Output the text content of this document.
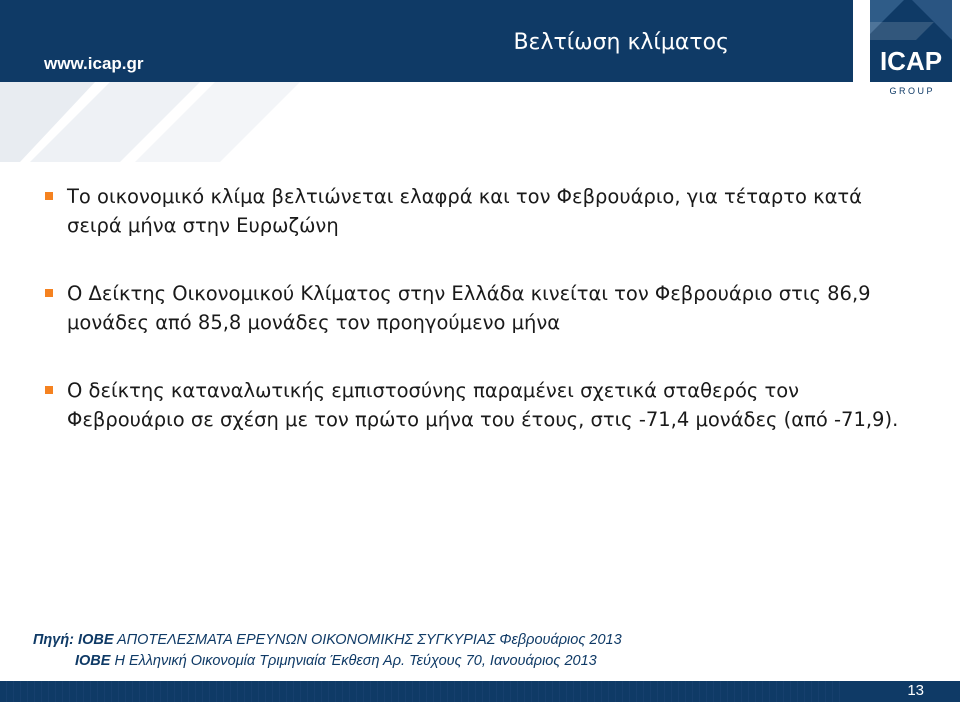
www.icap.gr
Βελτίωση κλίματος
ICAP
G R O U P
Το οικονομικό κλίμα βελτιώνεται ελαφρά και τον Φεβρουάριο, για τέταρτο κατά σειρά μήνα στην Ευρωζώνη
Ο Δείκτης Οικονομικού Κλίματος στην Ελλάδα κινείται τον Φεβρουάριο στις 86,9 μονάδες από 85,8 μονάδες τον προηγούμενο μήνα
Ο δείκτης καταναλωτικής εμπιστοσύνης παραμένει σχετικά σταθερός τον Φεβρουάριο σε σχέση με τον πρώτο μήνα του έτους, στις -71,4 μονάδες (από -71,9).
Πηγή: ΙΟΒΕ ΑΠΟΤΕΛΕΣΜΑΤΑ ΕΡΕΥΝΩΝ ΟΙΚΟΝΟΜΙΚΗΣ ΣΥΓΚΥΡΙΑΣ Φεβρουάριος 2013
ΙΟΒΕ Η Ελληνική Οικονομία Τριμηνιαία Έκθεση Αρ. Τεύχους 70, Ιανουάριος 2013
13
